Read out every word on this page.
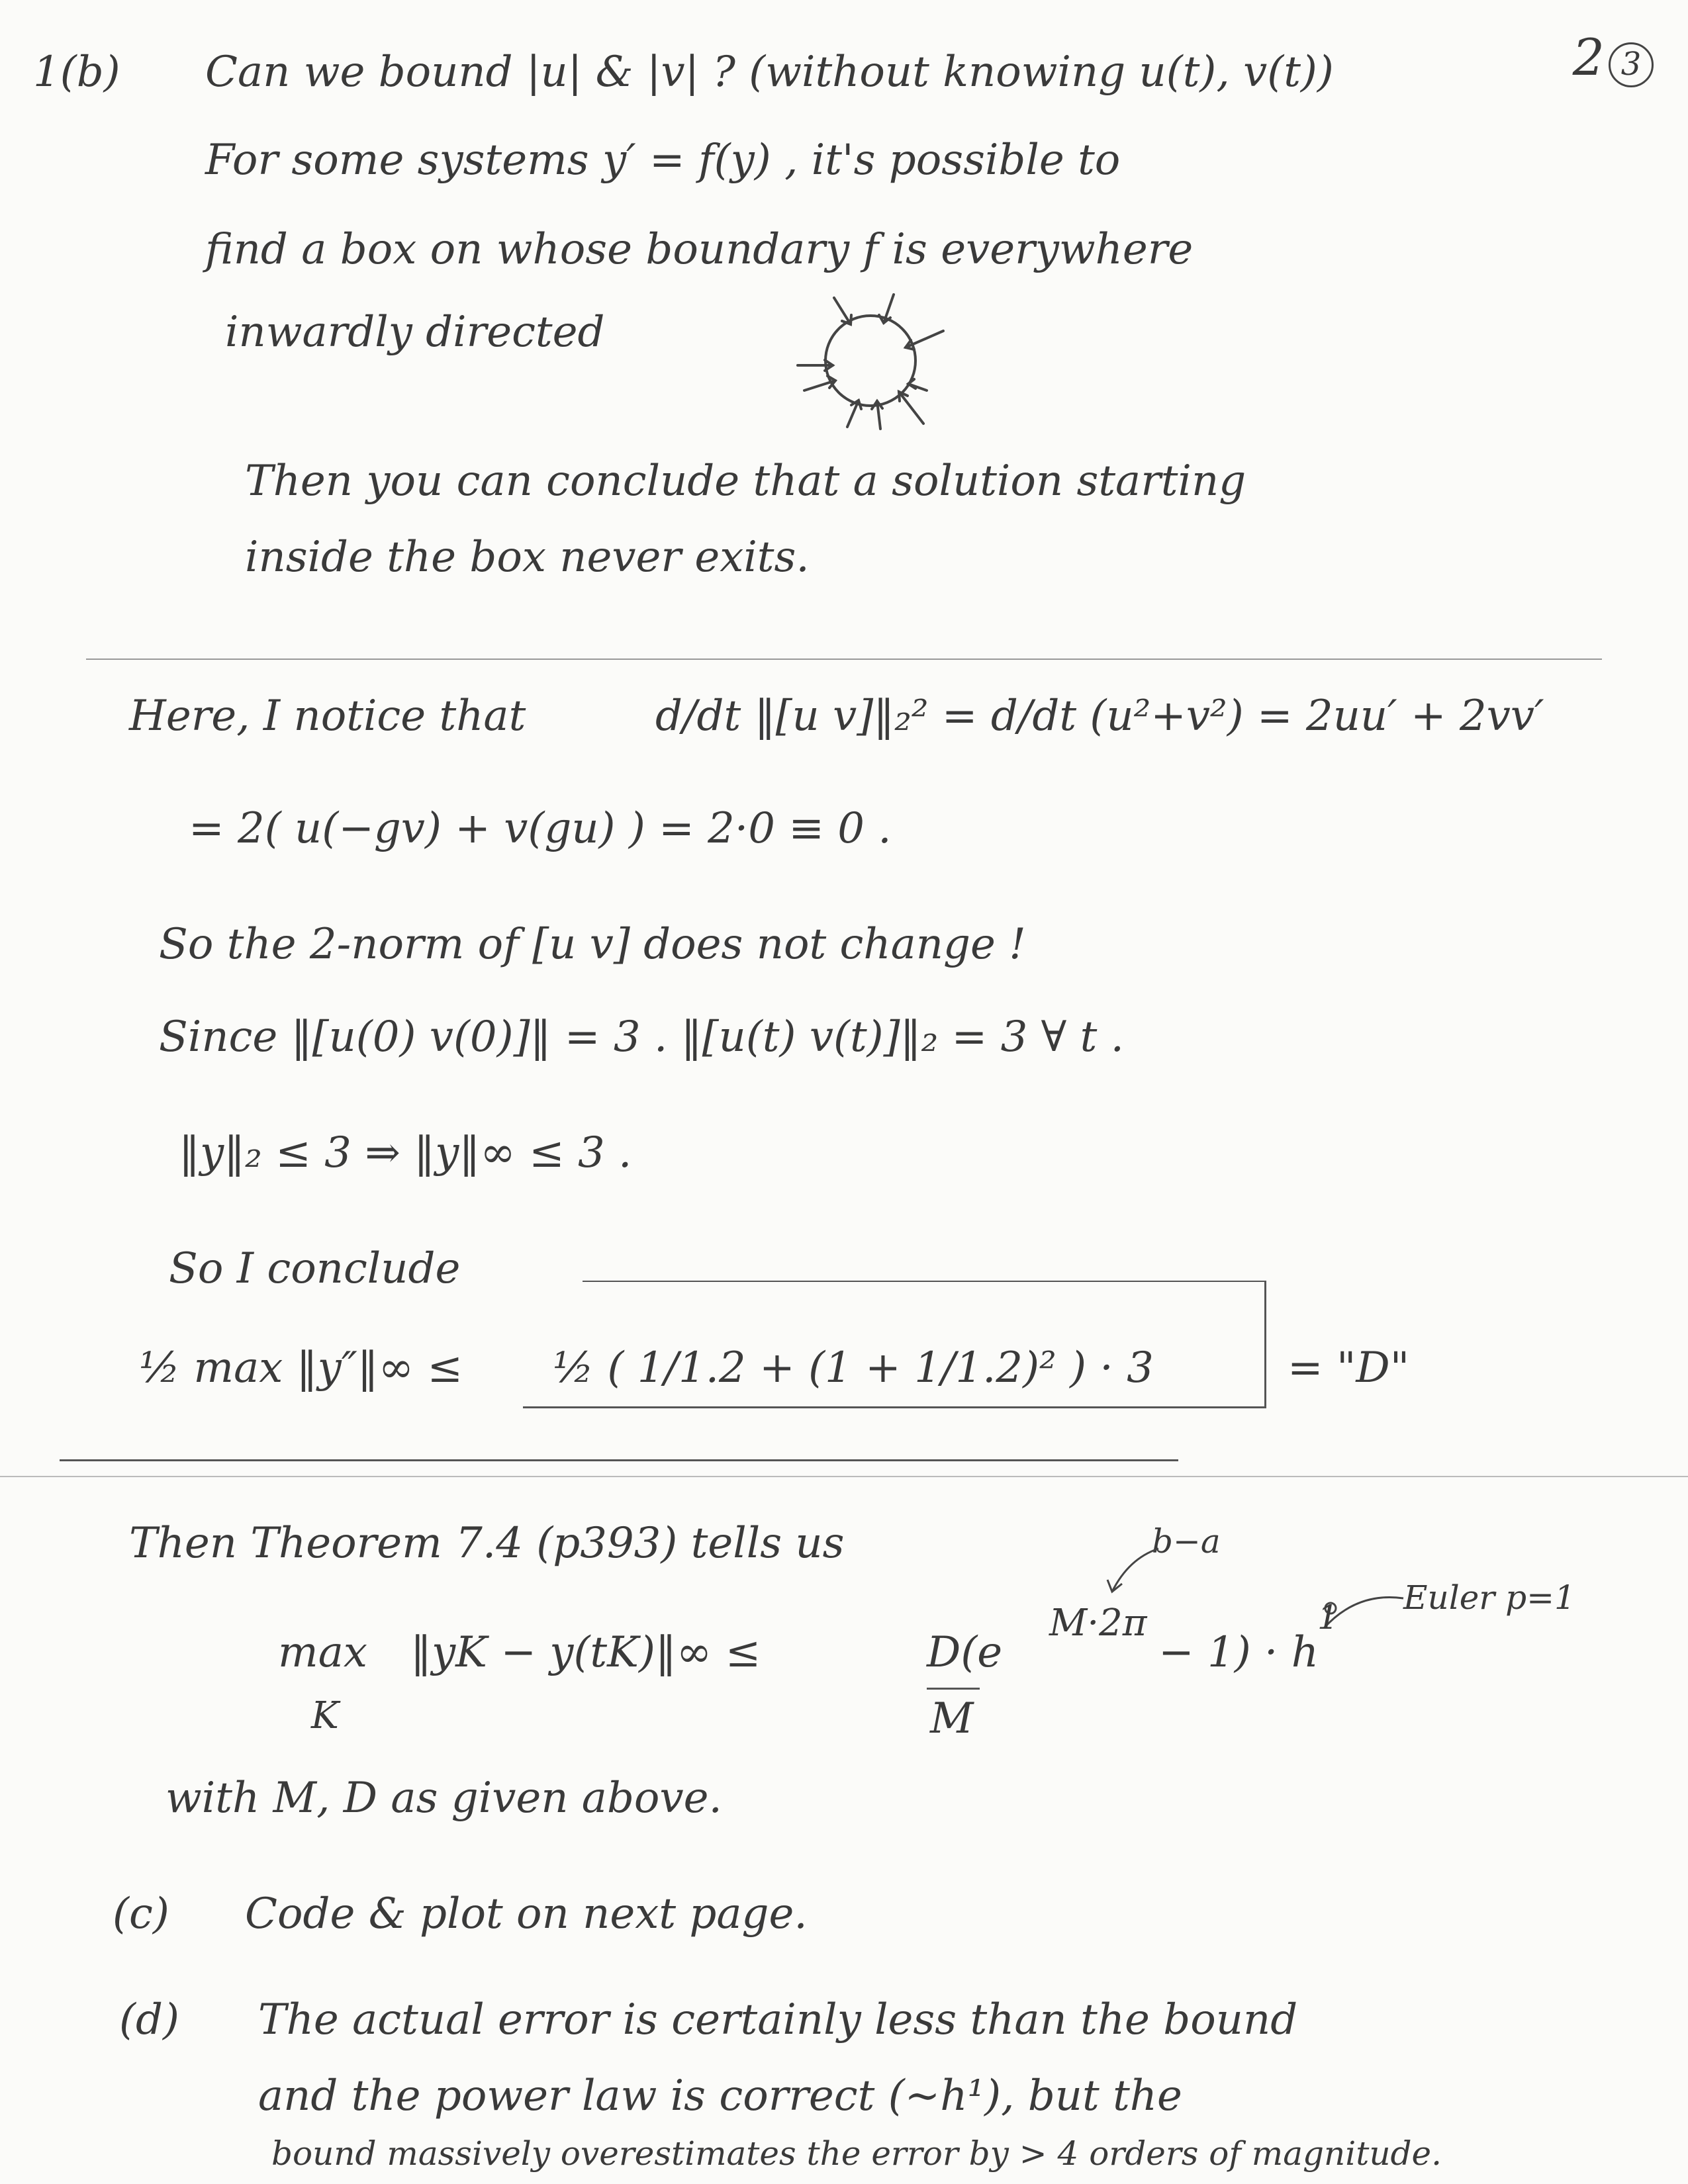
2 3
1(b) Can we bound |u| & |v| ? (without knowing u(t), v(t))
For some systems y′ = f(y) , it's possible to
find a box on whose boundary f is everywhere
inwardly directed
Then you can conclude that a solution starting
inside the box never exits.
Here, I notice that	d/dt ‖[u v]‖₂² = d/dt (u²+v²) = 2uu′ + 2vv′
= 2( u(−gv) + v(gu) ) = 2·0 ≡ 0 .
So the 2-norm of [u v] does not change !
Since ‖[u(0) v(0)]‖ = 3 . ‖[u(t) v(t)]‖₂ = 3 ∀ t .
‖y‖₂ ≤ 3 ⇒ ‖y‖∞ ≤ 3 .
So I conclude
½ max ‖y″‖∞ ≤ ½ ( 1/1.2 + (1 + 1/1.2)² ) · 3	= "D"
Then Theorem 7.4 (p393) tells us	b−a
Euler p=1
max
K
‖yK − y(tK)‖∞ ≤	D(e
M·2π
− 1) · h
1
M
with M, D as given above.
(c) Code & plot on next page.
(d) The actual error is certainly less than the bound
and the power law is correct (∼h¹), but the
bound massively overestimates the error by > 4 orders of magnitude.
